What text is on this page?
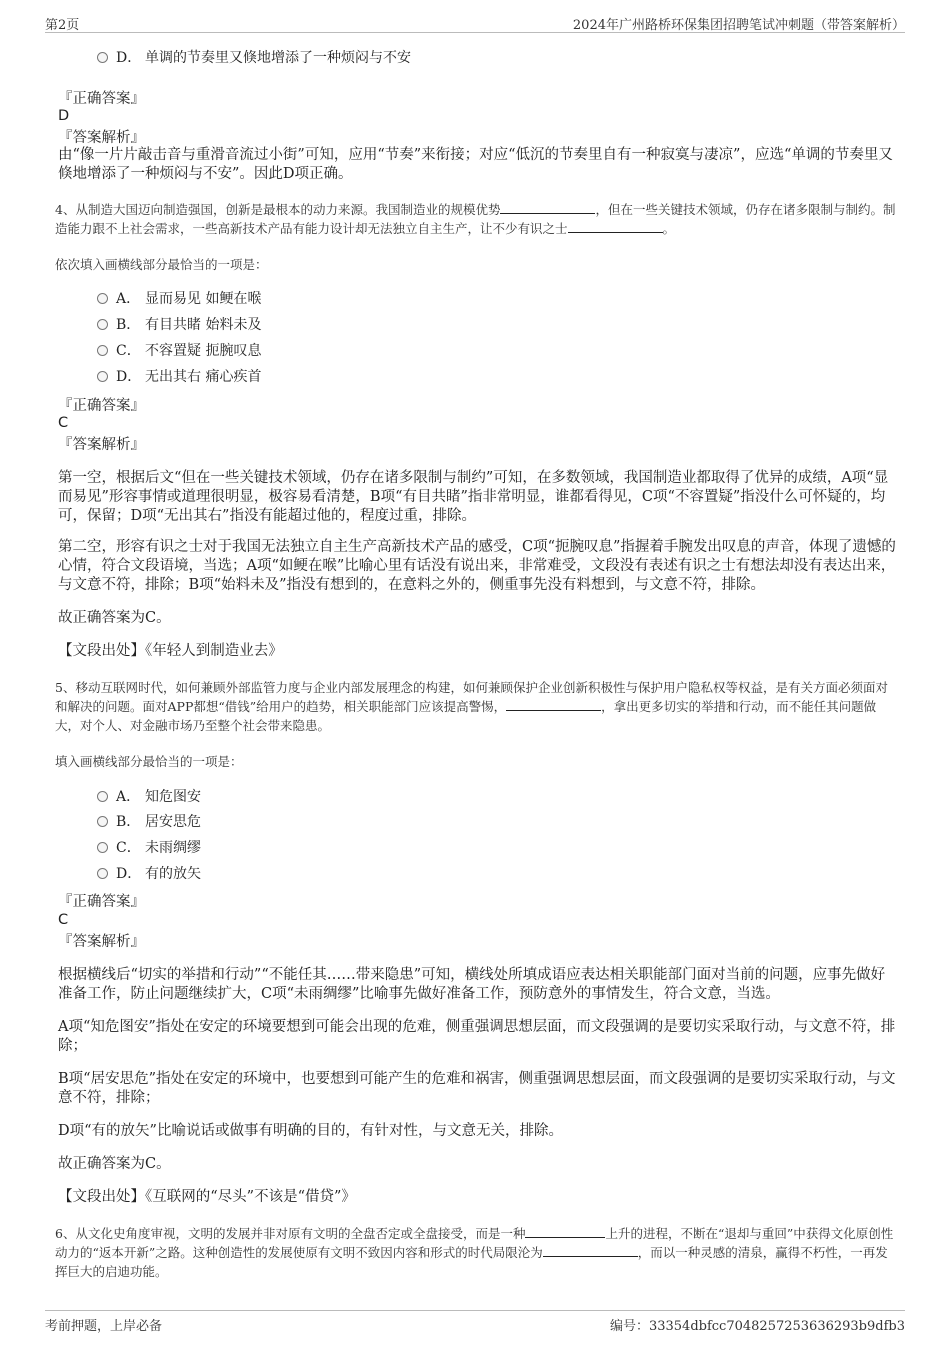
第2页	2024年广州路桥环保集团招聘笔试冲刺题（带答案解析）
D． 单调的节奏里又倏地增添了一种烦闷与不安
『正确答案』
D
『答案解析』
由“像一片片敲击音与重滑音流过小街”可知，应用“节奏”来衔接；对应“低沉的节奏里自有一种寂寞与凄凉”，应选“单调的节奏里又倏地增添了一种烦闷与不安”。因此D项正确。
4、从制造大国迈向制造强国，创新是最根本的动力来源。我国制造业的规模优势	，但在一些关键技术领域，仍存在诸多限制与制约。制造能力跟不上社会需求，一些高新技术产品有能力设计却无法独立自主生产，让不少有识之士	。
依次填入画横线部分最恰当的一项是：
A． 显而易见 如鲠在喉
B． 有目共睹 始料未及
C． 不容置疑 扼腕叹息
D． 无出其右 痛心疾首
『正确答案』
C
『答案解析』
第一空，根据后文“但在一些关键技术领域，仍存在诸多限制与制约”可知，在多数领域，我国制造业都取得了优异的成绩，A项“显而易见”形容事情或道理很明显，极容易看清楚，B项“有目共睹”指非常明显，谁都看得见，C项“不容置疑”指没什么可怀疑的，均可，保留；D项“无出其右”指没有能超过他的，程度过重，排除。
第二空，形容有识之士对于我国无法独立自主生产高新技术产品的感受，C项“扼腕叹息”指握着手腕发出叹息的声音，体现了遗憾的心情，符合文段语境，当选；A项“如鲠在喉”比喻心里有话没有说出来，非常难受，文段没有表述有识之士有想法却没有表达出来，与文意不符，排除；B项“始料未及”指没有想到的，在意料之外的，侧重事先没有料想到，与文意不符，排除。
故正确答案为C。
【文段出处】《年轻人到制造业去》
5、移动互联网时代，如何兼顾外部监管力度与企业内部发展理念的构建，如何兼顾保护企业创新积极性与保护用户隐私权等权益，是有关方面必须面对和解决的问题。面对APP都想“借钱”给用户的趋势，相关职能部门应该提高警惕，	，拿出更多切实的举措和行动，而不能任其问题做大，对个人、对金融市场乃至整个社会带来隐患。
填入画横线部分最恰当的一项是：
A． 知危图安
B． 居安思危
C． 未雨绸缪
D． 有的放矢
『正确答案』
C
『答案解析』
根据横线后“切实的举措和行动”“不能任其……带来隐患”可知，横线处所填成语应表达相关职能部门面对当前的问题，应事先做好准备工作，防止问题继续扩大，C项“未雨绸缪”比喻事先做好准备工作，预防意外的事情发生，符合文意，当选。
A项“知危图安”指处在安定的环境要想到可能会出现的危难，侧重强调思想层面，而文段强调的是要切实采取行动，与文意不符，排除；
B项“居安思危”指处在安定的环境中，也要想到可能产生的危难和祸害，侧重强调思想层面，而文段强调的是要切实采取行动，与文意不符，排除；
D项“有的放矢”比喻说话或做事有明确的目的，有针对性，与文意无关，排除。
故正确答案为C。
【文段出处】《互联网的“尽头”不该是“借贷”》
6、从文化史角度审视，文明的发展并非对原有文明的全盘否定或全盘接受，而是一种	上升的进程，不断在“退却与重回”中获得文化原创性动力的“返本开新”之路。这种创造性的发展使原有文明不致因内容和形式的时代局限沦为	，而以一种灵感的清泉，赢得不朽性，一再发挥巨大的启迪功能。
考前押题，上岸必备	编号：33354dbfcc7048257253636293b9dfb3
